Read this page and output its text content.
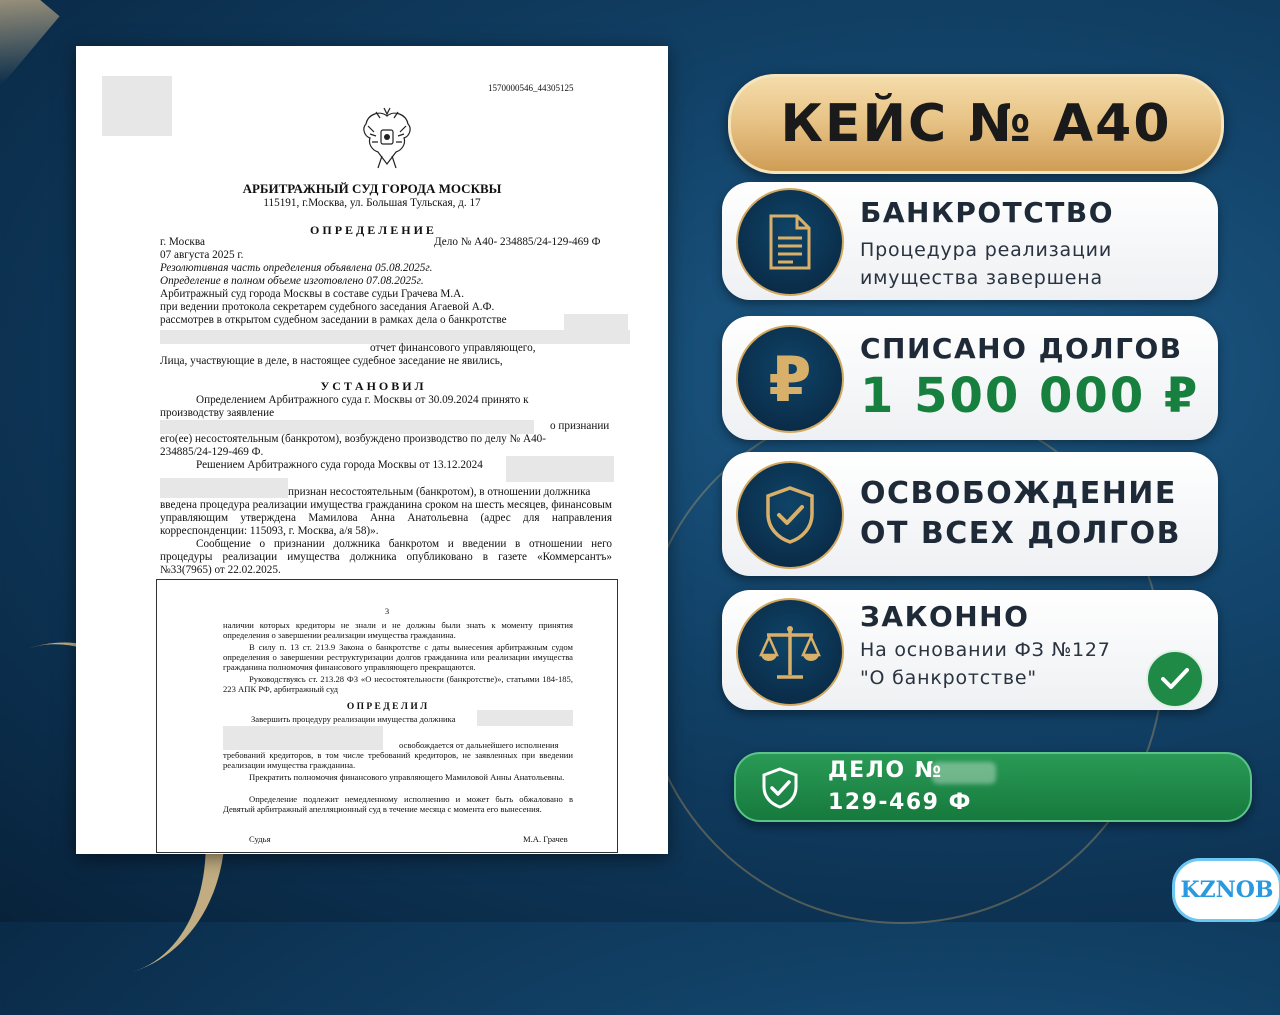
1570000546_44305125
АРБИТРАЖНЫЙ СУД ГОРОДА МОСКВЫ
115191, г.Москва, ул. Большая Тульская, д. 17
О П Р Е Д Е Л Е Н И Е
г. Москва	Дело № А40- 234885/24-129-469 Ф
07 августа 2025 г.
Резолютивная часть определения объявлена 05.08.2025г.
Определение в полном объеме изготовлено 07.08.2025г.
Арбитражный суд города Москвы в составе судьи Грачева М.А.
при ведении протокола секретарем судебного заседания Агаевой А.Ф.
рассмотрев в открытом судебном заседании в рамках дела о банкротстве
отчет финансового управляющего,
Лица, участвующие в деле, в настоящее судебное заседание не явились,
У С Т А Н О В И Л
Определением Арбитражного суда г. Москвы от 30.09.2024 принято к
производству заявление
о признании
его(ее) несостоятельным (банкротом), возбуждено производство по делу № А40-
234885/24-129-469 Ф.
Решением Арбитражного суда города Москвы от 13.12.2024
признан несостоятельным (банкротом), в отношении должника
введена процедура реализации имущества гражданина сроком на шесть месяцев, финансовым управляющим утверждена Мамилова Анна Анатольевна (адрес для направления корреспонденции: 115093, г. Москва, а/я 58)».
Сообщение о признании должника банкротом и введении в отношении него процедуры реализации имущества должника опубликовано в газете «Коммерсантъ» №33(7965) от 22.02.2025.
3
наличии которых кредиторы не знали и не должны были знать к моменту принятия определения о завершении реализации имущества гражданина.
В силу п. 13 ст. 213.9 Закона о банкротстве с даты вынесения арбитражным судом определения о завершении реструктуризации долгов гражданина или реализации имущества гражданина полномочия финансового управляющего прекращаются.
Руководствуясь ст. 213.28 ФЗ «О несостоятельности (банкротстве)», статьями 184-185, 223 АПК РФ, арбитражный суд
О П Р Е Д Е Л И Л
Завершить процедуру реализации имущества должника
освобождается от дальнейшего исполнения
требований кредиторов, в том числе требований кредиторов, не заявленных при введении реализации имущества гражданина.
Прекратить полномочия финансового управляющего Мамиловой Анны Анатольевны.
Определение подлежит немедленному исполнению и может быть обжаловано в Девятый арбитражный апелляционный суд в течение месяца с момента его вынесения.
Судья	М.А. Грачев
КЕЙС № А40
БАНКРОТСТВО
Процедура реализации
имущества завершена
₽ СПИСАНО ДОЛГОВ
1 500 000 ₽
ОСВОБОЖДЕНИЕ
ОТ ВСЕХ ДОЛГОВ
ЗАКОННО
На основании ФЗ №127
"О банкротстве"
ДЕЛО №
129-469 Ф
KZNOB
